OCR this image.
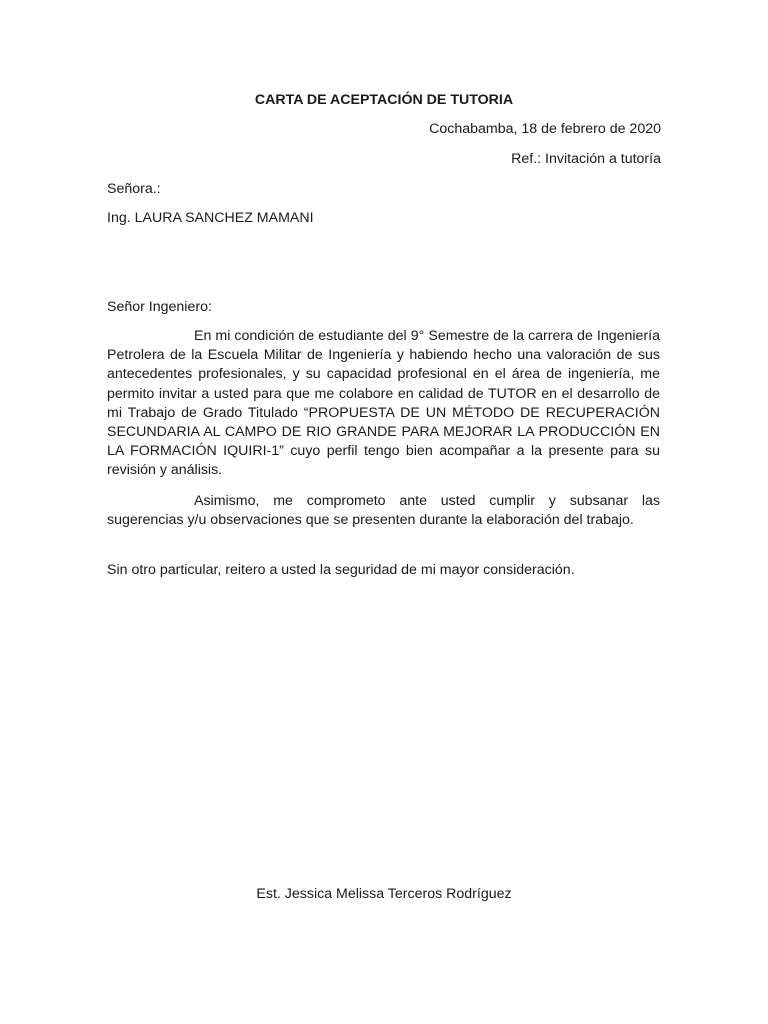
CARTA DE ACEPTACIÓN DE TUTORIA
Cochabamba, 18 de febrero de 2020
Ref.: Invitación a tutoría
Señora.:
Ing. LAURA SANCHEZ MAMANI
Señor Ingeniero:

En mi condición de estudiante del 9° Semestre de la carrera de Ingeniería Petrolera de la Escuela Militar de Ingeniería y habiendo hecho una valoración de sus antecedentes profesionales, y su capacidad profesional en el área de ingeniería, me permito invitar a usted para que me colabore en calidad de TUTOR en el desarrollo de mi Trabajo de Grado Titulado “PROPUESTA DE UN MÉTODO DE RECUPERACIÓN SECUNDARIA AL CAMPO DE RIO GRANDE PARA MEJORAR LA PRODUCCIÓN EN LA FORMACIÓN IQUIRI-1” cuyo perfil tengo bien acompañar a la presente para su revisión y análisis.

Asimismo, me comprometo ante usted cumplir y subsanar las sugerencias y/u observaciones que se presenten durante la elaboración del trabajo.

Sin otro particular, reitero a usted la seguridad de mi mayor consideración.
Est. Jessica Melissa Terceros Rodríguez
